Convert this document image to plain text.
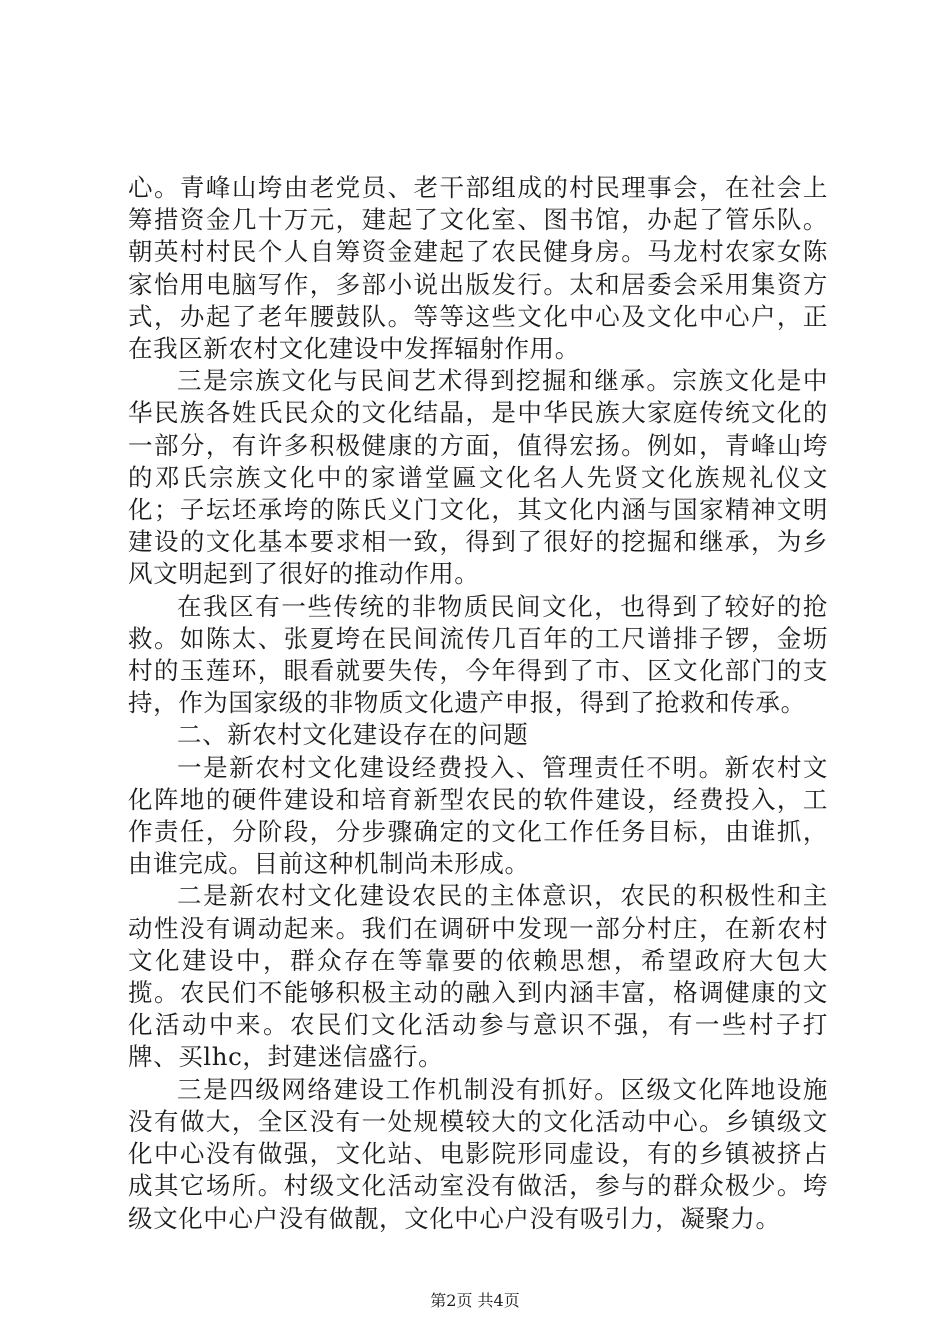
心。青峰山垮由老党员、老干部组成的村民理事会，在社会上筹措资金几十万元，建起了文化室、图书馆，办起了管乐队。朝英村村民个人自筹资金建起了农民健身房。马龙村农家女陈家怡用电脑写作，多部小说出版发行。太和居委会采用集资方式，办起了老年腰鼓队。等等这些文化中心及文化中心户，正在我区新农村文化建设中发挥辐射作用。

三是宗族文化与民间艺术得到挖掘和继承。宗族文化是中华民族各姓氏民众的文化结晶，是中华民族大家庭传统文化的一部分，有许多积极健康的方面，值得宏扬。例如，青峰山垮的邓氏宗族文化中的家谱堂匾文化名人先贤文化族规礼仪文化；子坛坯承垮的陈氏义门文化，其文化内涵与国家精神文明建设的文化基本要求相一致，得到了很好的挖掘和继承，为乡风文明起到了很好的推动作用。

在我区有一些传统的非物质民间文化，也得到了较好的抢救。如陈太、张夏垮在民间流传几百年的工尺谱排子锣，金坜村的玉莲环，眼看就要失传，今年得到了市、区文化部门的支持，作为国家级的非物质文化遗产申报，得到了抢救和传承。

二、新农村文化建设存在的问题

一是新农村文化建设经费投入、管理责任不明。新农村文化阵地的硬件建设和培育新型农民的软件建设，经费投入，工作责任，分阶段，分步骤确定的文化工作任务目标，由谁抓，由谁完成。目前这种机制尚未形成。

二是新农村文化建设农民的主体意识，农民的积极性和主动性没有调动起来。我们在调研中发现一部分村庄，在新农村文化建设中，群众存在等靠要的依赖思想，希望政府大包大揽。农民们不能够积极主动的融入到内涵丰富，格调健康的文化活动中来。农民们文化活动参与意识不强，有一些村子打牌、买lhc，封建迷信盛行。

三是四级网络建设工作机制没有抓好。区级文化阵地设施没有做大，全区没有一处规模较大的文化活动中心。乡镇级文化中心没有做强，文化站、电影院形同虚设，有的乡镇被挤占成其它场所。村级文化活动室没有做活，参与的群众极少。垮级文化中心户没有做靓，文化中心户没有吸引力，凝聚力。

第2页 共4页
